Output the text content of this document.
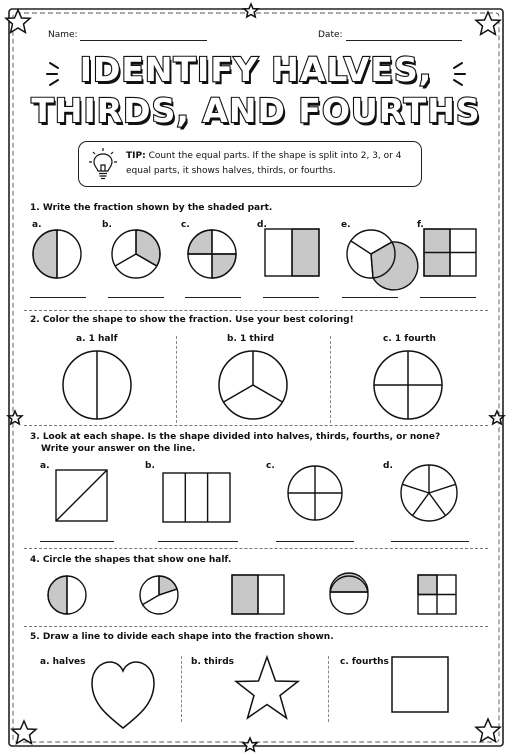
Name:	Date:
IDENTIFY HALVES,
THIRDS, AND FOURTHS
TIP: Count the equal parts. If the shape is split into 2, 3, or 4
equal parts, it shows halves, thirds, or fourths.
1. Write the fraction shown by the shaded part.
a.	b.	c.	d.	e.	f.
2. Color the shape to show the fraction. Use your best coloring!
a. 1 half	b. 1 third	c. 1 fourth
3. Look at each shape. Is the shape divided into halves, thirds, fourths, or none?
Write your answer on the line.
a.	b.	c.	d.
4. Circle the shapes that show one half.
5. Draw a line to divide each shape into the fraction shown.
a. halves	b. thirds	c. fourths
